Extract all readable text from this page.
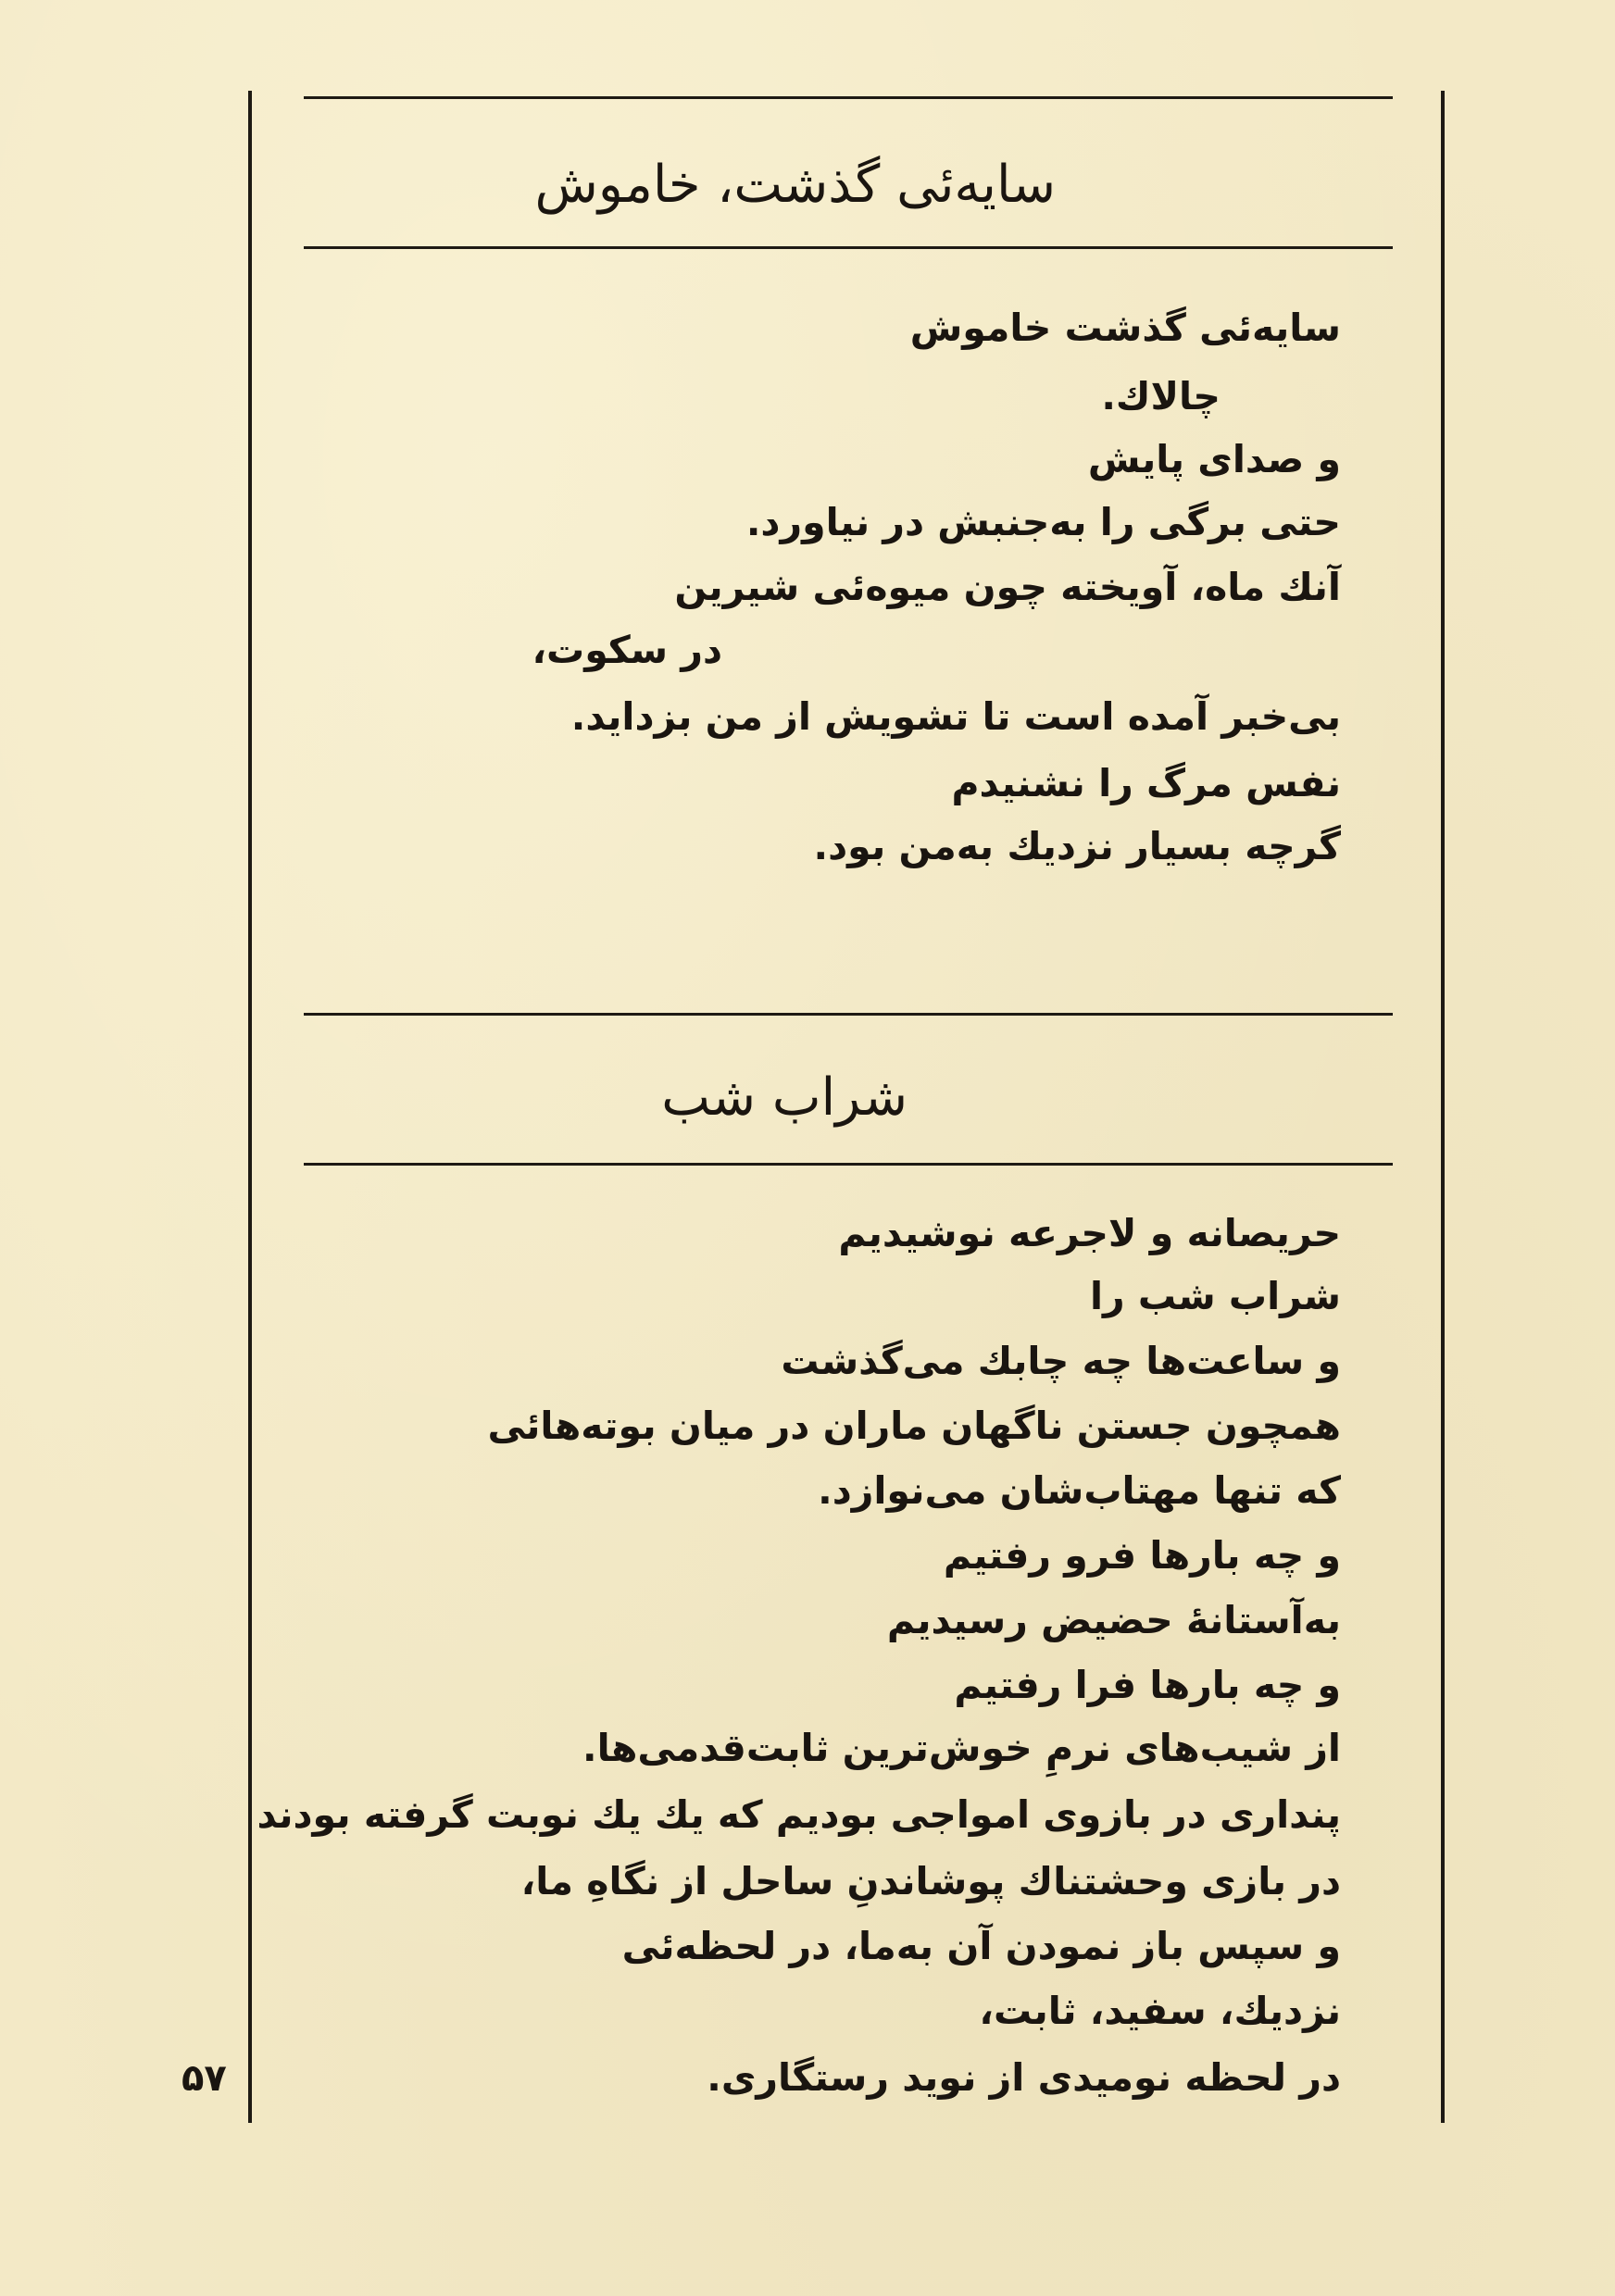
سایه‌ئی گذشت، خاموش
سایه‌ئی گذشت خاموش
چالاك.
و صدای پایش
حتی برگی را به‌جنبش در نیاورد.
آنك ماه، آویخته چون میوه‌ئی شیرین
در سکوت،
بی‌خبر آمده است تا تشویش از من بزداید.
نفس مرگ را نشنیدم
گرچه بسیار نزدیك به‌من بود.
شراب شب
حریصانه و لاجرعه نوشیدیم
شراب شب را
و ساعت‌ها چه چابك می‌گذشت
همچون جستن ناگهان ماران در میان بوته‌هائی
که تنها مهتاب‌شان می‌نوازد.
و چه بارها فرو رفتیم
به‌آستانهٔ حضیض رسیدیم
و چه بارها فرا رفتیم
از شیب‌های نرمِ خوش‌ترین ثابت‌قدمی‌ها.
پنداری در بازوی امواجی بودیم که یك یك نوبت گرفته بودند
در بازی وحشتناك پوشاندنِ ساحل از نگاهِ ما،
و سپس باز نمودن آن به‌ما، در لحظه‌ئی
نزدیك، سفید، ثابت،
در لحظه نومیدی از نوید رستگاری.
۵۷
